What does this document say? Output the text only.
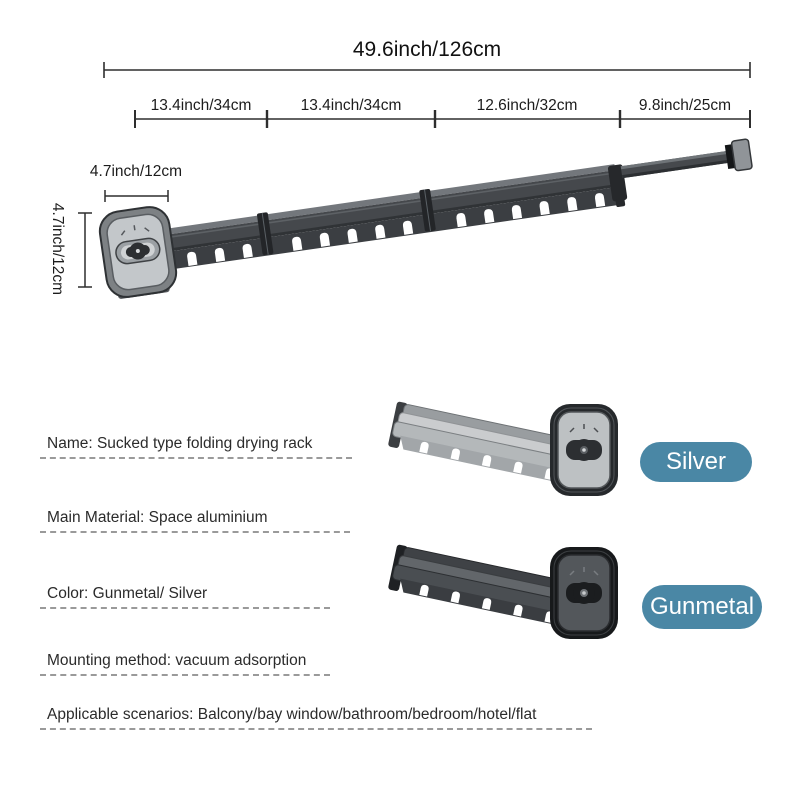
49.6inch/126cm
13.4inch/34cm	13.4inch/34cm	12.6inch/32cm	9.8inch/25cm
4.7inch/12cm
4.7inch/12cm
Name: Sucked type folding drying rack
Main Material: Space aluminium
Color: Gunmetal/ Silver
Mounting method: vacuum adsorption
Applicable scenarios: Balcony/bay window/bathroom/bedroom/hotel/flat
Silver
Gunmetal
